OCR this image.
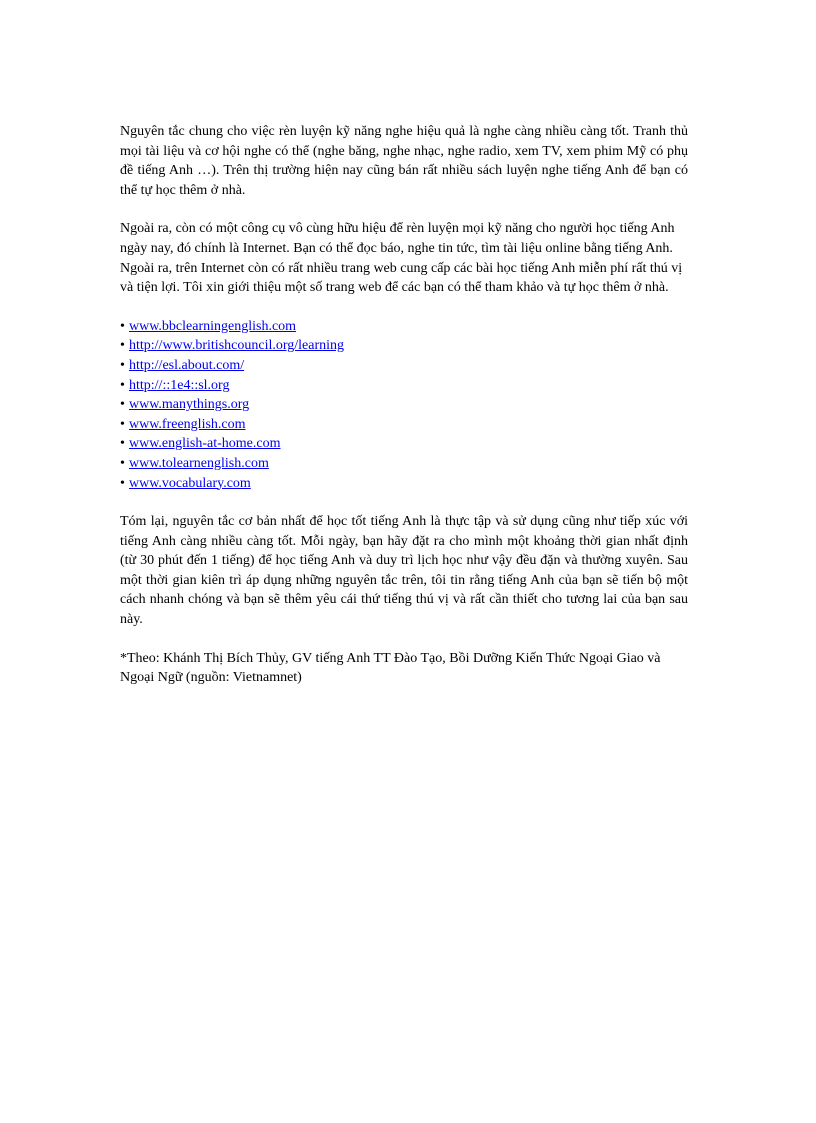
Nguyên tắc chung cho việc rèn luyện kỹ năng nghe hiệu quả là nghe càng nhiều càng tốt. Tranh thủ mọi tài liệu và cơ hội nghe có thể (nghe băng, nghe nhạc, nghe radio, xem TV, xem phim Mỹ có phụ đề tiếng Anh …). Trên thị trường hiện nay cũng bán rất nhiều sách luyện nghe tiếng Anh để bạn có thể tự học thêm ở nhà.

Ngoài ra, còn có một công cụ vô cùng hữu hiệu để rèn luyện mọi kỹ năng cho người học tiếng Anh ngày nay, đó chính là Internet. Bạn có thể đọc báo, nghe tin tức, tìm tài liệu online bằng tiếng Anh. Ngoài ra, trên Internet còn có rất nhiều trang web cung cấp các bài học tiếng Anh miễn phí rất thú vị và tiện lợi. Tôi xin giới thiệu một số trang web để các bạn có thể tham khảo và tự học thêm ở nhà.

• www.bbclearningenglish.com
• http://www.britishcouncil.org/learning
• http://esl.about.com/
• http://::1e4::sl.org
• www.manythings.org
• www.freenglish.com
• www.english-at-home.com
• www.tolearnenglish.com
• www.vocabulary.com

Tóm lại, nguyên tắc cơ bản nhất để học tốt tiếng Anh là thực tập và sử dụng cũng như tiếp xúc với tiếng Anh càng nhiều càng tốt. Mỗi ngày, bạn hãy đặt ra cho mình một khoảng thời gian nhất định (từ 30 phút đến 1 tiếng) để học tiếng Anh và duy trì lịch học như vậy đều đặn và thường xuyên. Sau một thời gian kiên trì áp dụng những nguyên tắc trên, tôi tin rằng tiếng Anh của bạn sẽ tiến bộ một cách nhanh chóng và bạn sẽ thêm yêu cái thứ tiếng thú vị và rất cần thiết cho tương lai của bạn sau này.

*Theo: Khánh Thị Bích Thủy, GV tiếng Anh TT Đào Tạo, Bồi Dưỡng Kiến Thức Ngoại Giao và Ngoại Ngữ (nguồn: Vietnamnet)
